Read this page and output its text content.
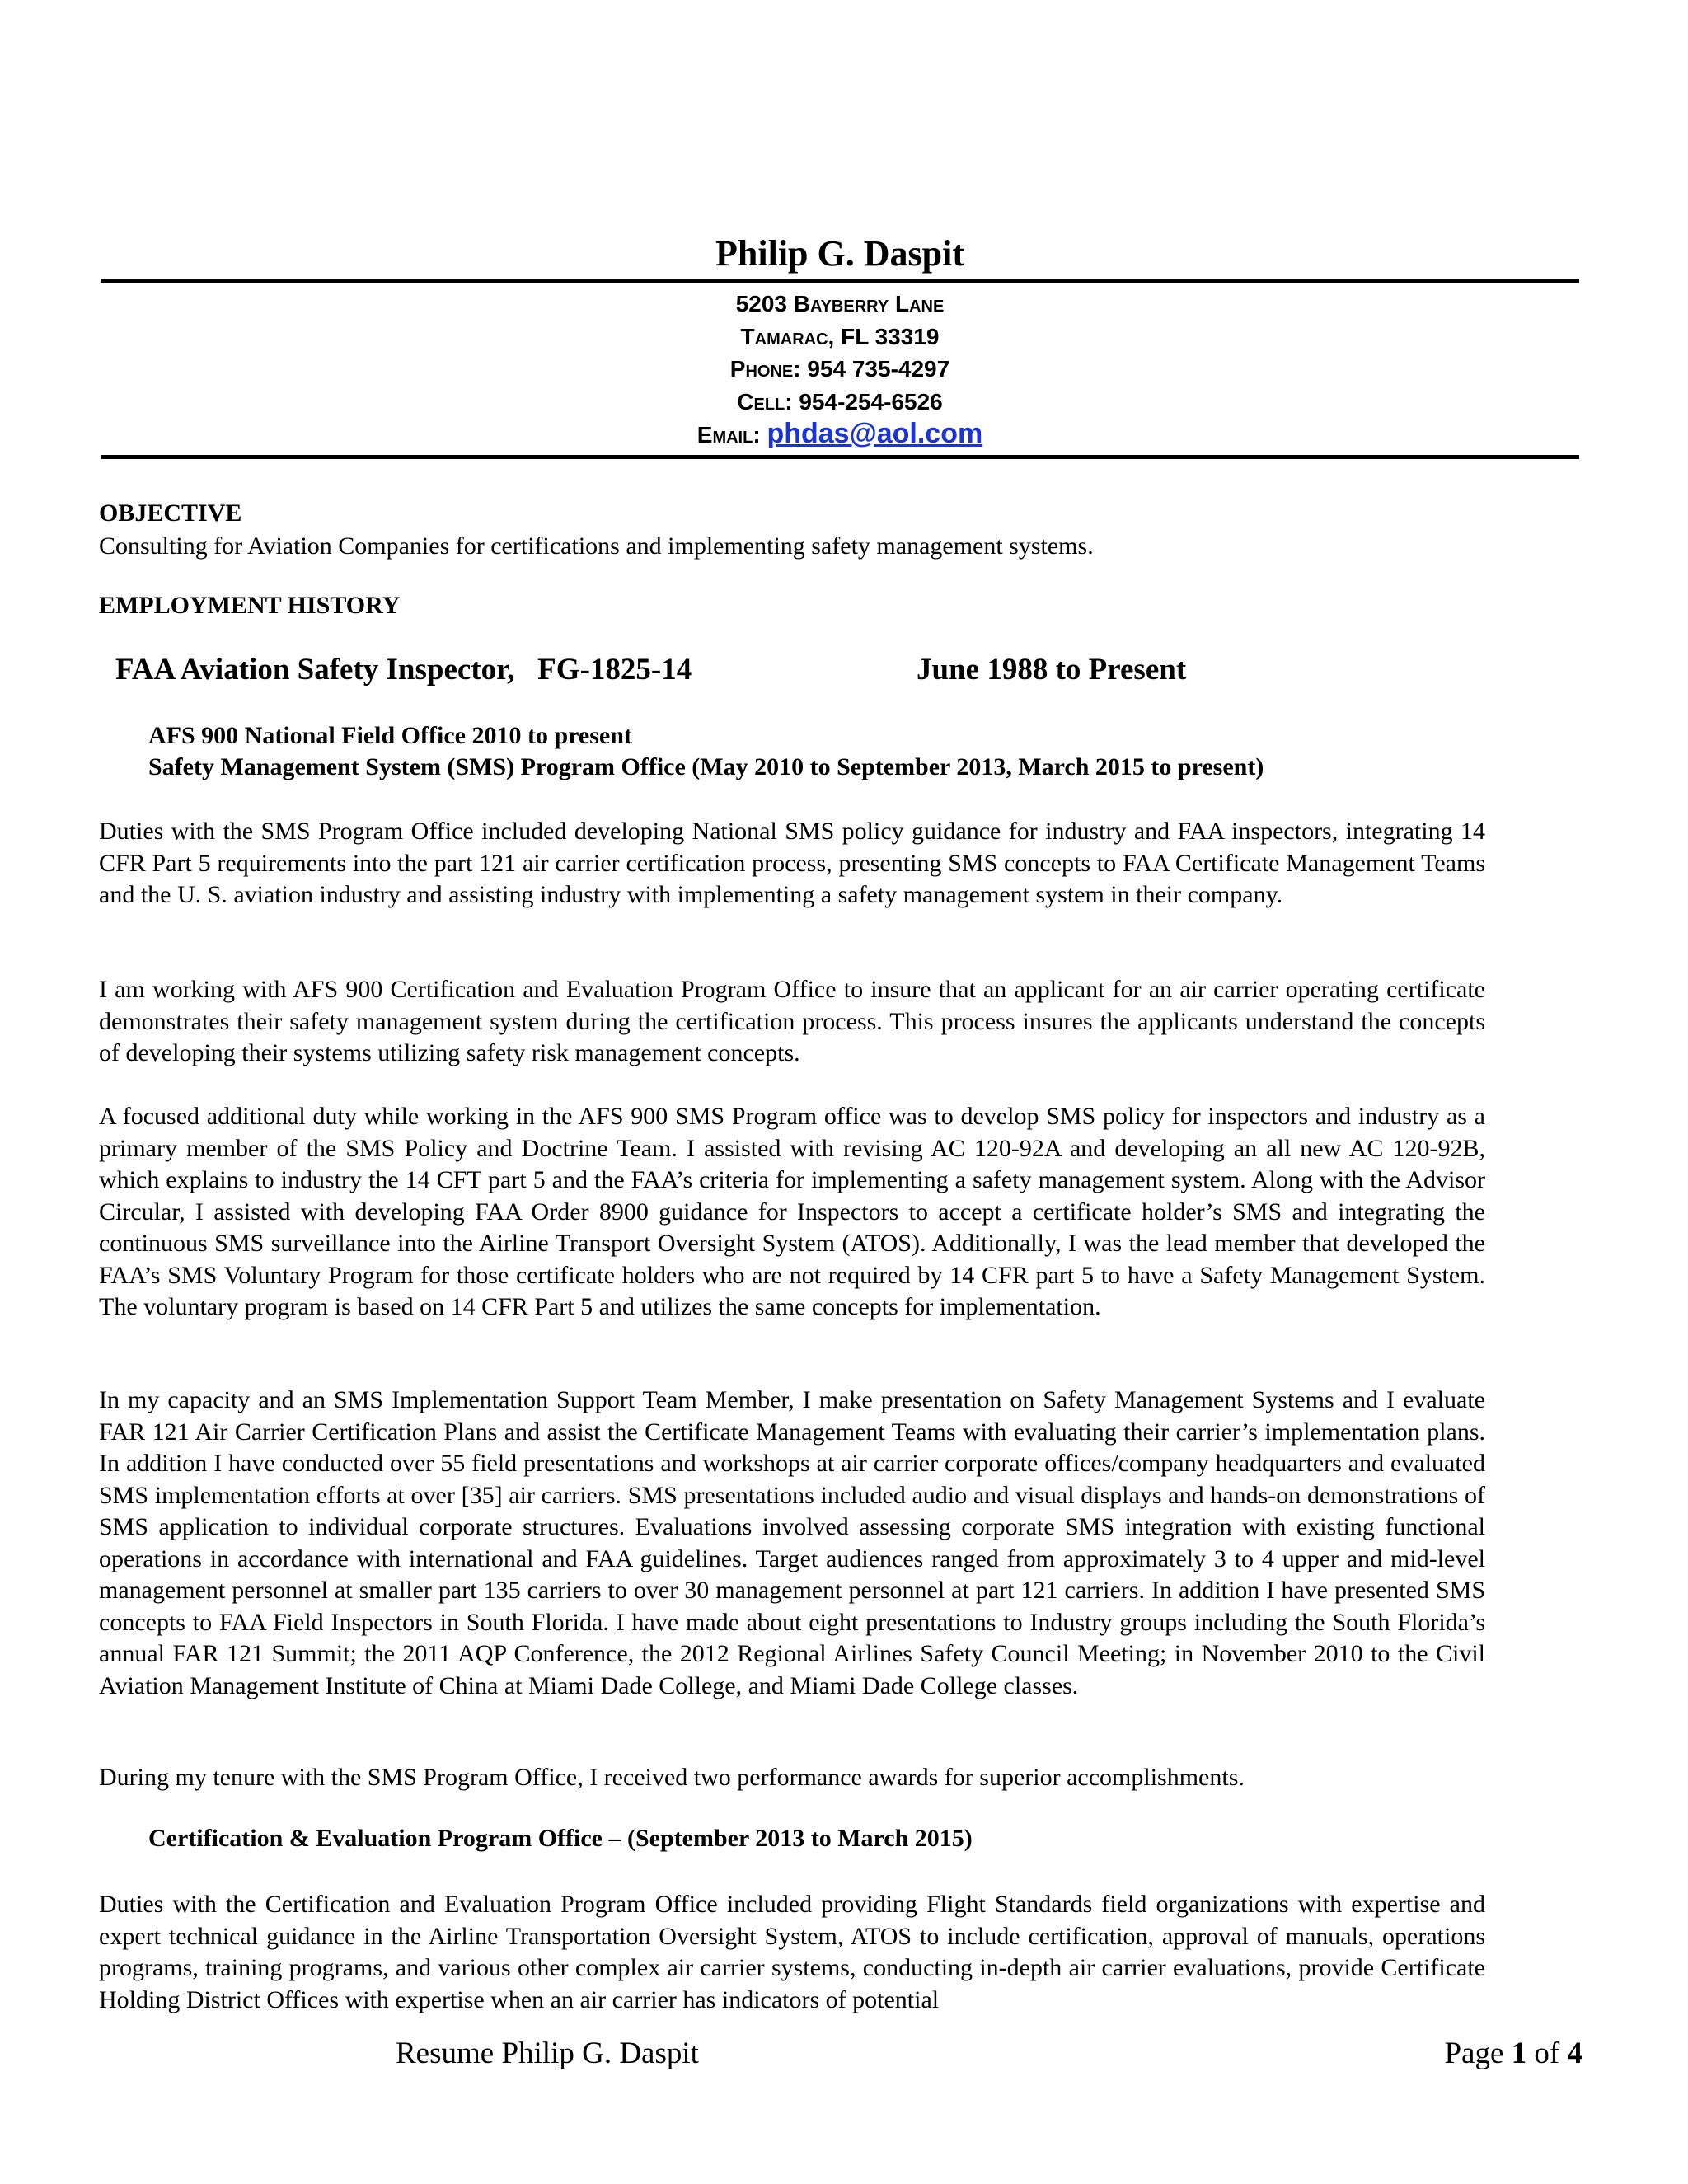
Philip G. Daspit
5203 Bayberry Lane
Tamarac, FL 33319
Phone: 954 735-4297
Cell: 954-254-6526
Email: phdas@aol.com
OBJECTIVE

Consulting for Aviation Companies for certifications and implementing safety management systems.

EMPLOYMENT HISTORY
FAA Aviation Safety Inspector,   FG-1825-14	June 1988 to Present
AFS 900 National Field Office 2010 to present
Safety Management System (SMS) Program Office (May 2010 to September 2013, March 2015 to present)

Duties with the SMS Program Office included developing National SMS policy guidance for industry and FAA inspectors, integrating 14 CFR Part 5 requirements into the part 121 air carrier certification process, presenting SMS concepts to FAA Certificate Management Teams and the U. S. aviation industry and assisting industry with implementing a safety management system in their company.

I am working with AFS 900 Certification and Evaluation Program Office to insure that an applicant for an air carrier operating certificate demonstrates their safety management system during the certification process. This process insures the applicants understand the concepts of developing their systems utilizing safety risk management concepts.

A focused additional duty while working in the AFS 900 SMS Program office was to develop SMS policy for inspectors and industry as a primary member of the SMS Policy and Doctrine Team. I assisted with revising AC 120-92A and developing an all new AC 120-92B, which explains to industry the 14 CFT part 5 and the FAA’s criteria for implementing a safety management system. Along with the Advisor Circular, I assisted with developing FAA Order 8900 guidance for Inspectors to accept a certificate holder’s SMS and integrating the continuous SMS surveillance into the Airline Transport Oversight System (ATOS). Additionally, I was the lead member that developed the FAA’s SMS Voluntary Program for those certificate holders who are not required by 14 CFR part 5 to have a Safety Management System. The voluntary program is based on 14 CFR Part 5 and utilizes the same concepts for implementation.

In my capacity and an SMS Implementation Support Team Member, I make presentation on Safety Management Systems and I evaluate FAR 121 Air Carrier Certification Plans and assist the Certificate Management Teams with evaluating their carrier’s implementation plans. In addition I have conducted over 55 field presentations and workshops at air carrier corporate offices/company headquarters and evaluated SMS implementation efforts at over [35] air carriers. SMS presentations included audio and visual displays and hands-on demonstrations of SMS application to individual corporate structures. Evaluations involved assessing corporate SMS integration with existing functional operations in accordance with international and FAA guidelines. Target audiences ranged from approximately 3 to 4 upper and mid-level management personnel at smaller part 135 carriers to over 30 management personnel at part 121 carriers. In addition I have presented SMS concepts to FAA Field Inspectors in South Florida. I have made about eight presentations to Industry groups including the South Florida’s annual FAR 121 Summit; the 2011 AQP Conference, the 2012 Regional Airlines Safety Council Meeting; in November 2010 to the Civil Aviation Management Institute of China at Miami Dade College, and Miami Dade College classes.

During my tenure with the SMS Program Office, I received two performance awards for superior accomplishments.

Certification & Evaluation Program Office – (September 2013 to March 2015)

Duties with the Certification and Evaluation Program Office included providing Flight Standards field organizations with expertise and expert technical guidance in the Airline Transportation Oversight System, ATOS to include certification, approval of manuals, operations programs, training programs, and various other complex air carrier systems, conducting in-depth air carrier evaluations, provide Certificate Holding District Offices with expertise when an air carrier has indicators of potential

Resume Philip G. Daspit	Page 1 of 4
